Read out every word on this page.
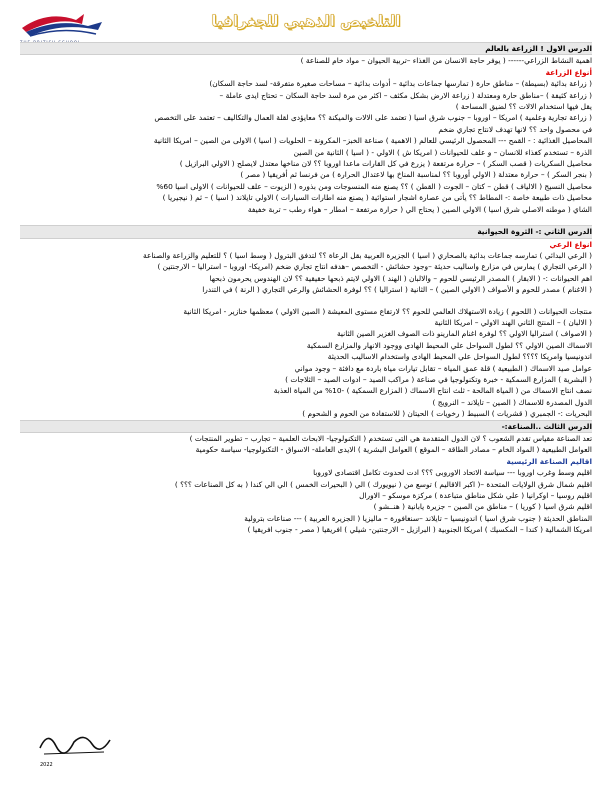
التلخيص الذهبي للجغرافيا
الدرس الاول ! الزراعة بالعالم
اهمية النشاط الزراعي------ ( يوفر حاجة الانسان من الغذاء –تربية الحيوان – مواد خام للصناعة )
أنواع الزراعة
( زراعة بدائية (بسيطة) – مناطق حارة ( تمارسها جماعات بدائية – أدوات بدائية – مساحات صغيرة متفرقة- لسد حاجة السكان)
( زراعة كثيفة ) –مناطق حارة ومعتدلة ( زراعة الارض بشكل مكثف – اكثر من مرة لسد حاجة السكان – تحتاج ايدى عاملة –
يقل فيها استخدام الالات ؟؟ لضيق المساحة )
( زراعة تجارية وعلمية ) امريكا – اوروبا – جنوب شرق اسيا ( تعتمد على الالات والميكنة ؟؟ معايؤدى لقلة العمال والتكاليف – تعتمد على التخصص
في محصول واحد ؟؟ لانها تهدف لانتاج تجاري ضخم
المحاصيل الغذائية : - القمح --- المحصول الرئيسي للعالم ( الاهمية ) صناعة الخبز– المكرونة – الحلويات ( اسيا ) الاولى من الصين – امريكا الثانية
الذرة – تستخدم كغذاء للانسان – و علف للحيوانات ( امريكا ش ) الاولي - ( اسيا ) الثانية من الصين
محاصيل السكريات ( قصب السكر ) – حرارة مرتفعة ( يزرع في كل القارات ماعدا اوروبا ؟؟ لان مناخها معتدل لايصلح ( الاولي البرازيل )
( بنجر السكر ) – حرارة معتدلة ( الاولي أوروبا ؟؟ لمناسبة المناخ بها لاعتدال الحرارة ) من فرنسا ثم أفريقيا ( مصر )
محاصيل النسيج ( الالياف ) قطن – كتان – الجوت ( القطن ) ؟؟ يصنع منه المنسوجات ومن بذوره ( الزيوت – علف للحيوانات ) الاولى اسيا 60%
محاصيل ذات طبيعة خاصة :- المطاط ؟؟ يأتى من عصارة اشجار استوائية ( يصنع منه اطارات السيارات ) الاولي تايلاند ( اسيا ) – ثم ( نيجيريا )
الشاي ( موطنه الاصلي شرق اسيا ) الاولي الصين ( يحتاج الي ( حرارة مرتفعة – امطار – هواء رطب – تربة خفيفة
الدرس الثاني :- الثروة الحيوانية
انواع الرعي
( الرعي البدائي ) تمارسه جماعات بدائية بالصحاري ( اسيا ) الجزيرة العربية بقل الرعاة ؟؟ لتدفق البترول ( وسط اسيا ) ؟ للتعليم والزراعة والصناعة
( الرعي التجاري ) يمارس في مزارع واساليب حديثة –وجود حشائش - التخصص –هدفه انتاج تجاري ضخم (امريكا- اوروبا – استراليا – الارجنتين )
اهم الحيوانات :- ( الابقار ) المصدر الرئيسي للحوم – والالبان ( الهند ) الاولي لايتم ذبحها حقيقية ؟؟ لان الهندوس يحرمون ذبحها
( الاغنام ) مصدر للحوم و الأصواف ( الاولي الصين ) – الثانية ( استراليا ) ؟؟ لوفرة الحشائش والرعي التجاري ( الرنة ) في التندرا
منتجات الحيوانات ( اللحوم ) زيادة الاستهلاك العالمي للحوم ؟؟ لارتفاع مستوى المعيشة ( الصين الاولي ) معظمها خنازير - امريكا الثانية
( الالبان ) – المنتج الثاني الهند الاولي – امريكا الثانية
( الاصواف ) استراليا الاولي ؟؟ لوفرة اغنام المارينو ذات الصوف الغزير الصين الثانية
الاسماك الصين الاولي ؟؟ لطول السواحل علي المحيط الهادى ووجود الانهار والمزارع السمكية
اندونيسيا وامريكا ؟؟؟؟ لطول السواحل علي المحيط الهادى واستخدام الاساليب الحديثة
عوامل صيد الاسماك ( الطبيعية ) قلة عمق المياة – تقابل تيارات مياة باردة مع دافئة – وجود مواني
( البشرية ) المزارع السمكية - خبرة وتكنولوجيا في صناعة ( مراكب الصيد – ادوات الصيد – الثلاجات )
نصف انتاج الاسماك من ( المياة المالحة - ثلث انتاج الاسماك ( المزارع السمكية ) -10% من المياة العذبة
الدول المصدرة للاسماك ( الصين – تايلاند – النرويج )
البحريات :- الجمبري ( قشريات ) السبيط ( رخويات ) الحيتان ( للاستفادة من الحوم و الشحوم )
الدرس الثالث ..الصناعة:-
تعد الصناعة مقياس تقدم الشعوب ؟ لان الدول المتقدمة هي التى تستخدم ( التكنولوجيا- الابحاث العلمية – تجارب – تطوير المنتجات )
العوامل الطبيعية ( المواد الخام – مصادر الطاقة – الموقع ) العوامل البشرية ) الايدى العاملة- الاسواق - التكنولوجيا- سياسة حكومية
اقاليم الصناعة الرئيسية
اقليم وسط وغرب اوروبا --- سياسة الاتحاد الاوروبى ؟؟؟ ادت لحدوث تكامل اقتصادى لاوروبا
اقليم شمال شرق الولايات المتحدة –( اكبر الاقاليم ) توسع من ( نيويورك ) الي ( البحيرات الخمس ) الي الي كندا ( به كل الصناعات ؟؟؟ )
اقليم روسيا – اوكرانيا ( علي شكل مناطق متباعدة ) مركزة موسكو – الاورال
اقليم شرق اسيا ( كوريا ) – مناطق من الصين – جزيرة يابانية ( هنــشو )
المناطق الحديثة ( جنوب شرق اسيا ) اندونيسيا – تايلاند –سنغافورة – ماليزيا ( الجزيرة العربية ) --- صناعات بترولية
امريكا الشمالية ( كندا – المكسيك ) امريكا الجنوبية ( البرازيل – الارجنتين- شيلي ) افريقيا ( مصر - جنوب افريقيا )
2022
